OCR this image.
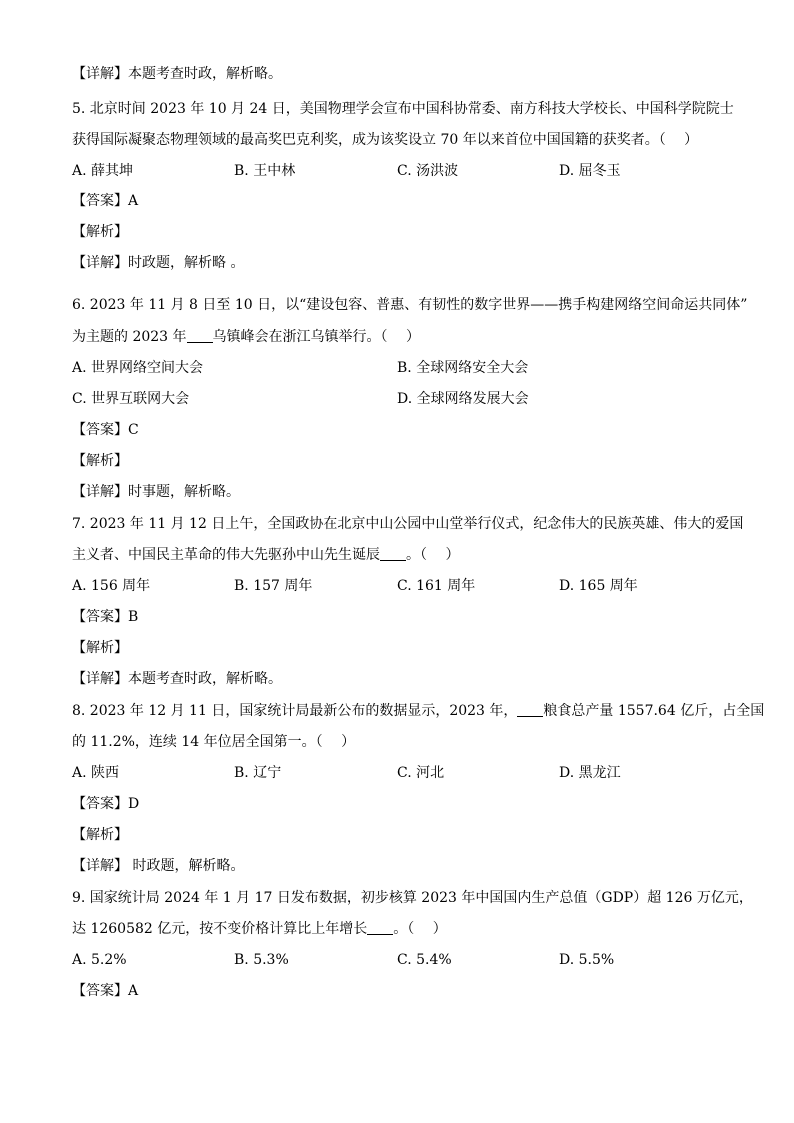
【详解】本题考查时政，解析略。
5. 北京时间 2023 年 10 月 24 日，美国物理学会宣布中国科协常委、南方科技大学校长、中国科学院院士
获得国际凝聚态物理领域的最高奖巴克利奖，成为该奖设立 70 年以来首位中国国籍的获奖者。（　 ）
A. 薛其坤	B. 王中林	C. 汤洪波	D. 屈冬玉
【答案】A
【解析】
【详解】时政题，解析略 。
6. 2023 年 11 月 8 日至 10 日，以“建设包容、普惠、有韧性的数字世界——携手构建网络空间命运共同体”
为主题的 2023 年 乌镇峰会在浙江乌镇举行。（　 ）
A. 世界网络空间大会	B. 全球网络安全大会
C. 世界互联网大会	D. 全球网络发展大会
【答案】C
【解析】
【详解】时事题，解析略。
7. 2023 年 11 月 12 日上午，全国政协在北京中山公园中山堂举行仪式，纪念伟大的民族英雄、伟大的爱国
主义者、中国民主革命的伟大先驱孙中山先生诞辰 。（　 ）
A. 156 周年	B. 157 周年	C. 161 周年	D. 165 周年
【答案】B
【解析】
【详解】本题考查时政，解析略。
8. 2023 年 12 月 11 日，国家统计局最新公布的数据显示，2023 年， 粮食总产量 1557.64 亿斤，占全国
的 11.2%，连续 14 年位居全国第一。（　 ）
A. 陕西	B. 辽宁	C. 河北	D. 黑龙江
【答案】D
【解析】
【详解】 时政题，解析略。
9. 国家统计局 2024 年 1 月 17 日发布数据，初步核算 2023 年中国国内生产总值（GDP）超 126 万亿元，
达 1260582 亿元，按不变价格计算比上年增长 。（　 ）
A. 5.2%	B. 5.3%	C. 5.4%	D. 5.5%
【答案】A
